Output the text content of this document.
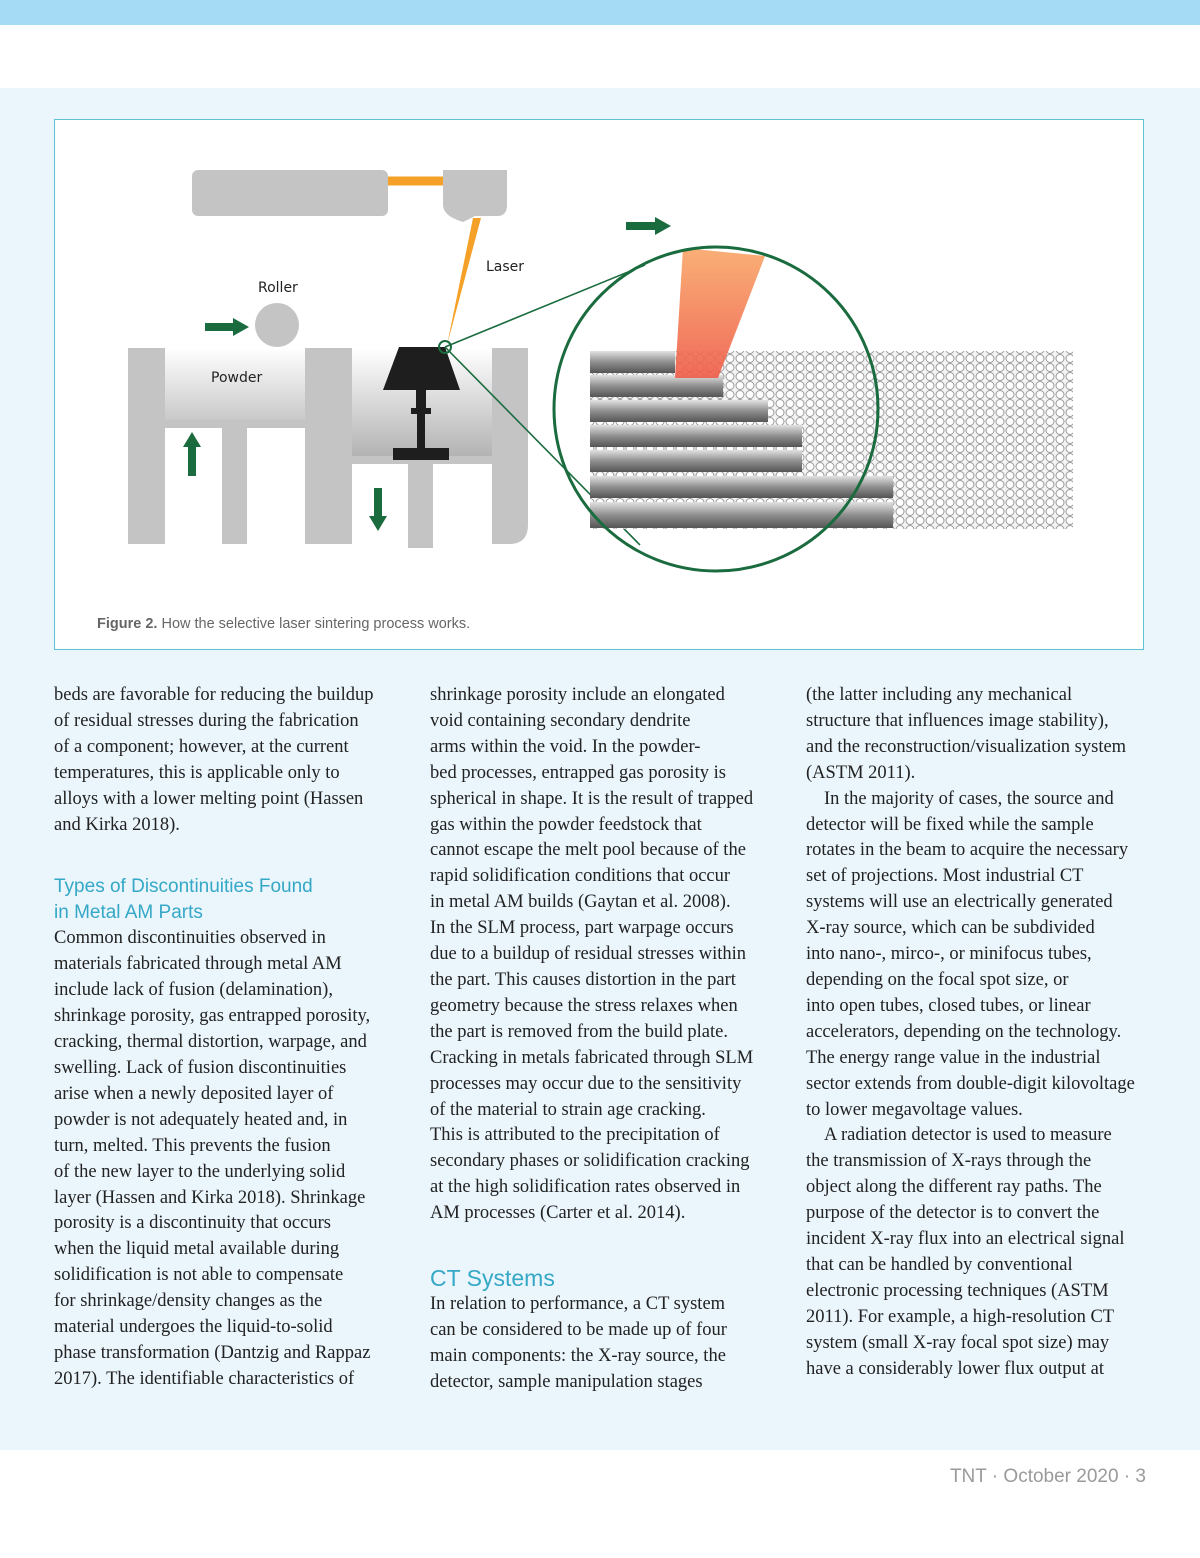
Laser
Roller
Powder
Figure 2. How the selective laser sintering process works.
beds are favorable for reducing the buildup
of residual stresses during the fabrication
of a component; however, at the current
temperatures, this is applicable only to
alloys with a lower melting point (Hassen
and Kirka 2018).
Types of Discontinuities Found
in Metal AM Parts
Common discontinuities observed in
materials fabricated through metal AM
include lack of fusion (delamination),
shrinkage porosity, gas entrapped porosity,
cracking, thermal distortion, warpage, and
swelling. Lack of fusion discontinuities
arise when a newly deposited layer of
powder is not adequately heated and, in
turn, melted. This prevents the fusion
of the new layer to the underlying solid
layer (Hassen and Kirka 2018). Shrinkage
porosity is a discontinuity that occurs
when the liquid metal available during
solidification is not able to compensate
for shrinkage/density changes as the
material undergoes the liquid-to-solid
phase transformation (Dantzig and Rappaz
2017). The identifiable characteristics of
shrinkage porosity include an elongated
void containing secondary dendrite
arms within the void. In the powder-
bed processes, entrapped gas porosity is
spherical in shape. It is the result of trapped
gas within the powder feedstock that
cannot escape the melt pool because of the
rapid solidification conditions that occur
in metal AM builds (Gaytan et al. 2008).
In the SLM process, part warpage occurs
due to a buildup of residual stresses within
the part. This causes distortion in the part
geometry because the stress relaxes when
the part is removed from the build plate.
Cracking in metals fabricated through SLM
processes may occur due to the sensitivity
of the material to strain age cracking.
This is attributed to the precipitation of
secondary phases or solidification cracking
at the high solidification rates observed in
AM processes (Carter et al. 2014).
CT Systems
In relation to performance, a CT system
can be considered to be made up of four
main components: the X-ray source, the
detector, sample manipulation stages
(the latter including any mechanical
structure that influences image stability),
and the reconstruction/visualization system
(ASTM 2011).
In the majority of cases, the source and
detector will be fixed while the sample
rotates in the beam to acquire the necessary
set of projections. Most industrial CT
systems will use an electrically generated
X-ray source, which can be subdivided
into nano-, mirco-, or minifocus tubes,
depending on the focal spot size, or
into open tubes, closed tubes, or linear
accelerators, depending on the technology.
The energy range value in the industrial
sector extends from double-digit kilovoltage
to lower megavoltage values.
A radiation detector is used to measure
the transmission of X-rays through the
object along the different ray paths. The
purpose of the detector is to convert the
incident X-ray flux into an electrical signal
that can be handled by conventional
electronic processing techniques (ASTM
2011). For example, a high-resolution CT
system (small X-ray focal spot size) may
have a considerably lower flux output at
TNT · October 2020 · 3
